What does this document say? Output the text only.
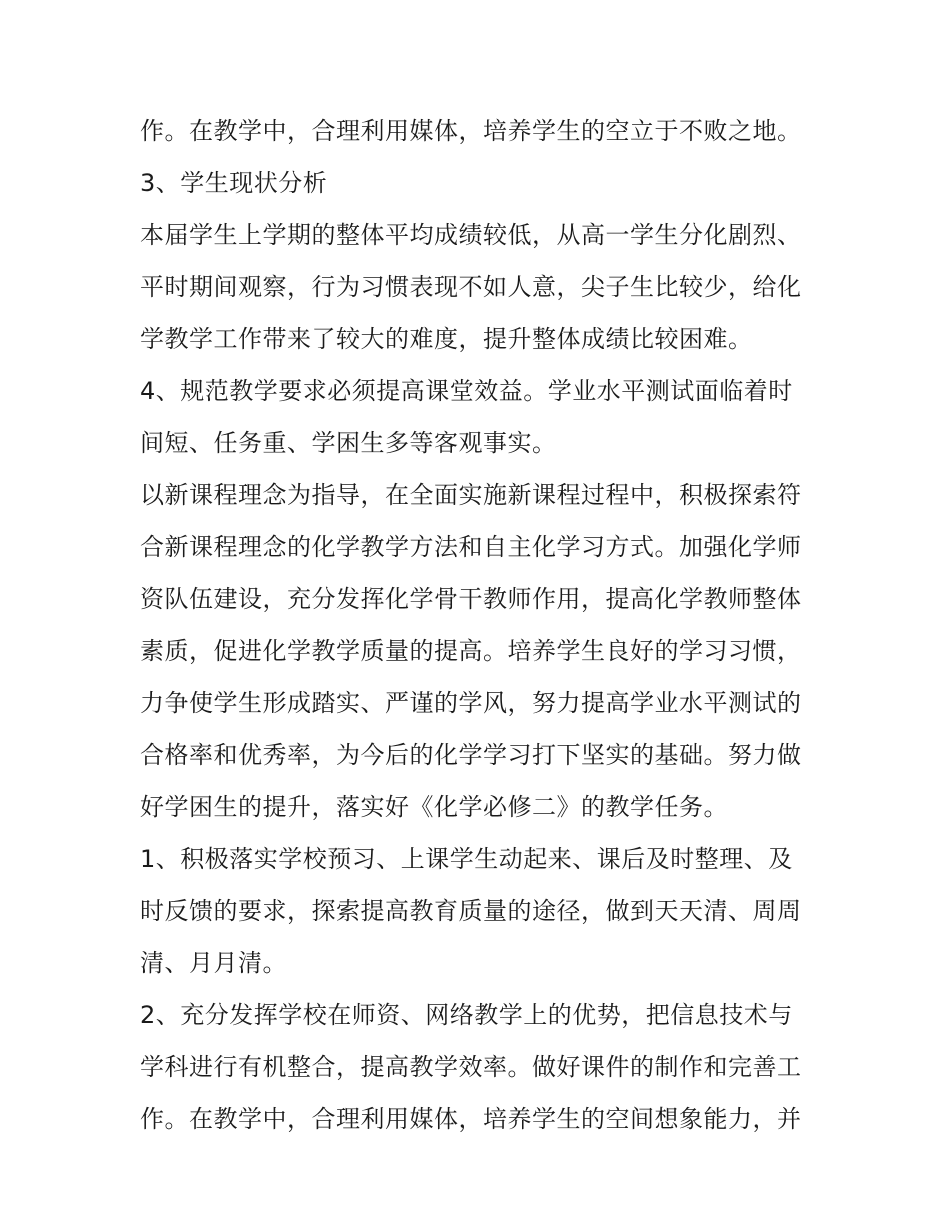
作。在教学中，合理利用媒体，培养学生的空立于不败之地。
3、学生现状分析
本届学生上学期的整体平均成绩较低，从高一学生分化剧烈、
平时期间观察，行为习惯表现不如人意，尖子生比较少，给化
学教学工作带来了较大的难度，提升整体成绩比较困难。
4、规范教学要求必须提高课堂效益。学业水平测试面临着时
间短、任务重、学困生多等客观事实。
以新课程理念为指导，在全面实施新课程过程中，积极探索符
合新课程理念的化学教学方法和自主化学习方式。加强化学师
资队伍建设，充分发挥化学骨干教师作用，提高化学教师整体
素质，促进化学教学质量的提高。培养学生良好的学习习惯，
力争使学生形成踏实、严谨的学风，努力提高学业水平测试的
合格率和优秀率，为今后的化学学习打下坚实的基础。努力做
好学困生的提升，落实好《化学必修二》的教学任务。
1、积极落实学校预习、上课学生动起来、课后及时整理、及
时反馈的要求，探索提高教育质量的途径，做到天天清、周周
清、月月清。
2、充分发挥学校在师资、网络教学上的优势，把信息技术与
学科进行有机整合，提高教学效率。做好课件的制作和完善工
作。在教学中，合理利用媒体，培养学生的空间想象能力，并
